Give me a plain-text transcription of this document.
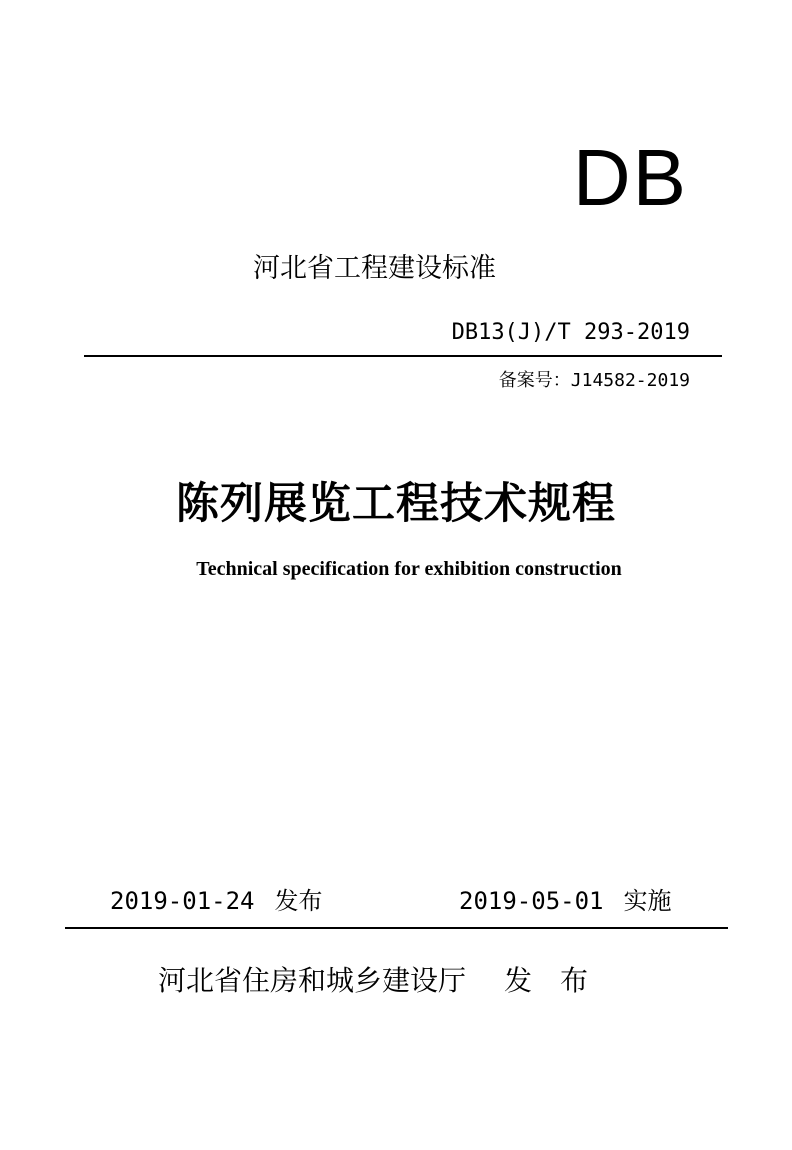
DB
河北省工程建设标准
DB13(J)/T 293-2019
备案号：J14582-2019
陈列展览工程技术规程
Technical specification for exhibition construction
2019-01-24 发布	2019-05-01 实施
河北省住房和城乡建设厅 发布
